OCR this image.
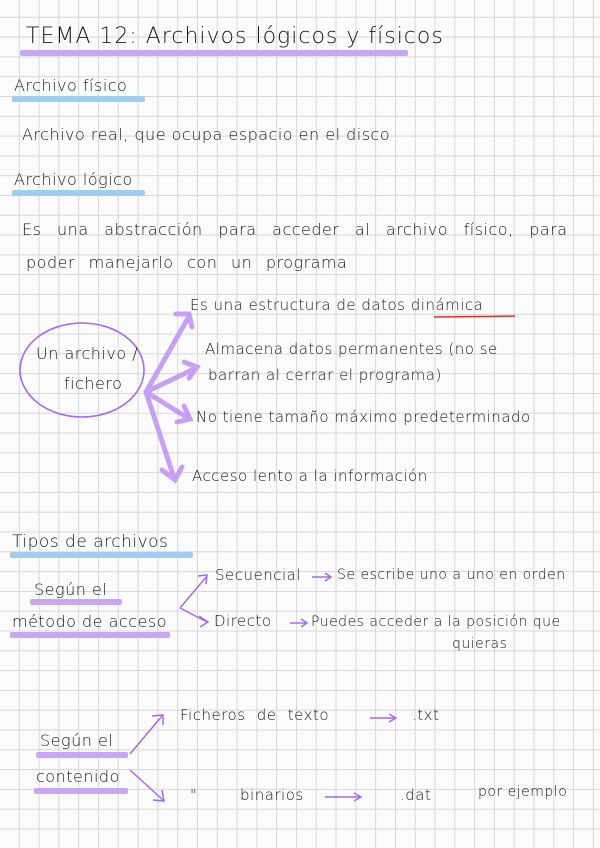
TEMA 12: Archivos lógicos y físicos
Archivo físico
Archivo real, que ocupa espacio en el disco
Archivo lógico
Es una abstracción para acceder al archivo físico, para
poder manejarlo con un programa
Un archivo /
fichero
Es una estructura de datos dinámica
Almacena datos permanentes (no se
barran al cerrar el programa)
No tiene tamaño máximo predeterminado
Acceso lento a la información
Tipos de archivos
Según el
método de acceso
Secuencial	Se escribe uno a uno en orden
Directo	Puedes acceder a la posición que
quieras
Según el
contenido
Ficheros de texto	.txt
"	binarios	.dat	por ejemplo
